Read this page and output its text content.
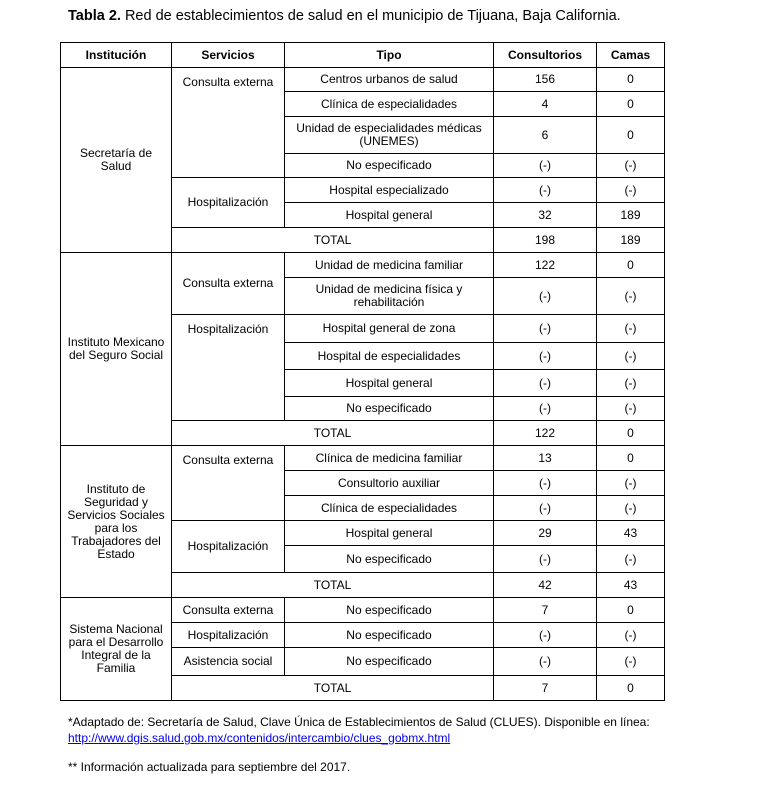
Tabla 2. Red de establecimientos de salud en el municipio de Tijuana, Baja California.
Institución	Servicios	Tipo	Consultorios	Camas
Secretaría de Salud	Consulta externa	Centros urbanos de salud	156	0
		Clínica de especialidades	4	0
		Unidad de especialidades médicas (UNEMES)	6	0
		No especificado	(-)	(-)
	Hospitalización	Hospital especializado	(-)	(-)
		Hospital general	32	189
	TOTAL		198	189
Instituto Mexicano del Seguro Social	Consulta externa	Unidad de medicina familiar	122	0
		Unidad de medicina física y rehabilitación	(-)	(-)
	Hospitalización	Hospital general de zona	(-)	(-)
		Hospital de especialidades	(-)	(-)
		Hospital general	(-)	(-)
		No especificado	(-)	(-)
	TOTAL		122	0
Instituto de Seguridad y Servicios Sociales para los Trabajadores del Estado	Consulta externa	Clínica de medicina familiar	13	0
		Consultorio auxiliar	(-)	(-)
		Clínica de especialidades	(-)	(-)
	Hospitalización	Hospital general	29	43
		No especificado	(-)	(-)
	TOTAL		42	43
Sistema Nacional para el Desarrollo Integral de la Familia	Consulta externa	No especificado	7	0
	Hospitalización	No especificado	(-)	(-)
	Asistencia social	No especificado	(-)	(-)
	TOTAL		7	0
*Adaptado de: Secretaría de Salud, Clave Única de Establecimientos de Salud (CLUES). Disponible en línea:
http://www.dgis.salud.gob.mx/contenidos/intercambio/clues_gobmx.html
** Información actualizada para septiembre del 2017.
